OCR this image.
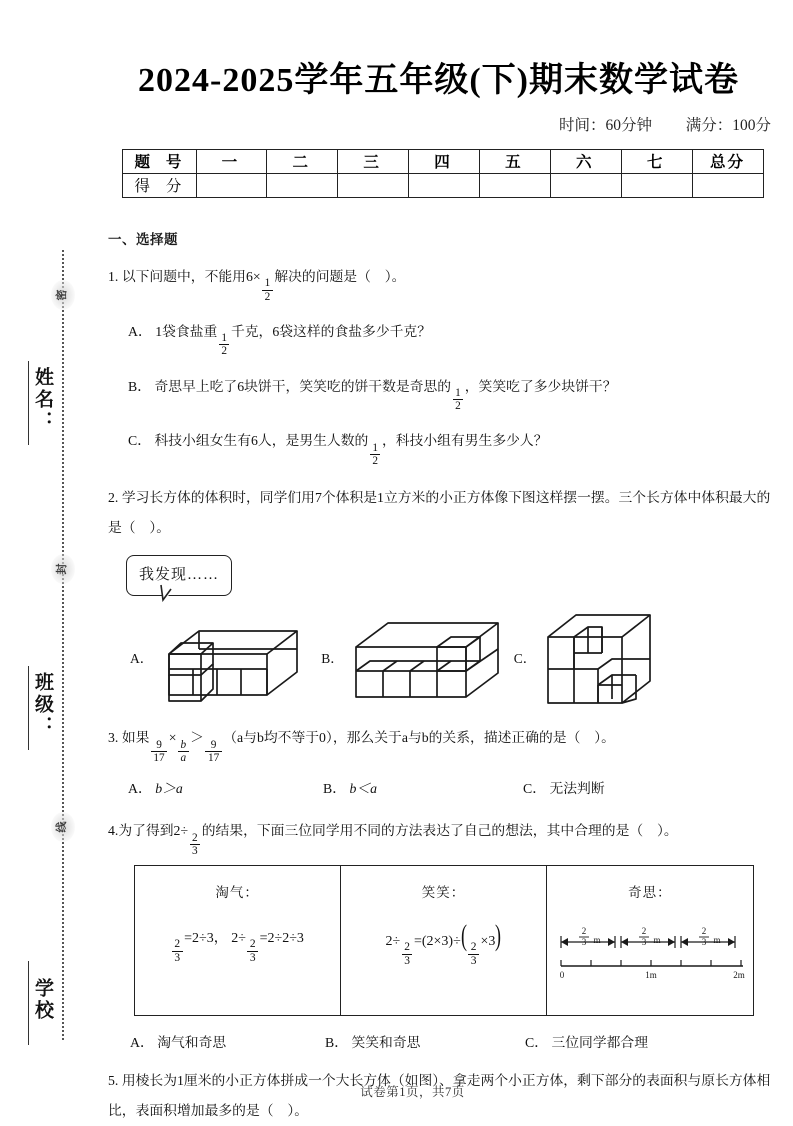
密
封
线
姓名：
班级：
学校
2024-2025学年五年级(下)期末数学试卷
时间：60分钟 满分：100分
题 号	一	二	三	四	五	六	七	总分
得 分								
一、选择题
1. 以下问题中，不能用6×
$\frac{1}{2}$
解决的问题是（　）。
A． 1袋食盐重
$\frac{1}{2}$
千克，6袋这样的食盐多少千克？
B． 奇思早上吃了6块饼干，笑笑吃的饼干数是奇思的
$\frac{1}{2}$
，笑笑吃了多少块饼干？
C． 科技小组女生有6人，是男生人数的
$\frac{1}{2}$
，科技小组有男生多少人？
2. 学习长方体的体积时，同学们用7个体积是1立方米的小正方体像下图这样摆一摆。三个长方体中体积最大的是（　）。
我发现……
A．	B．	C．
3. 如果
$\frac{9}{17}$
×
$\frac{b}{a}$
＞
$\frac{9}{17}$
（a与b均不等于0），那么关于a与b的关系，描述正确的是（　）。
A． b＞a	B． b＜a	C． 无法判断
4.为了得到2÷
$\frac{2}{3}$
的结果，下面三位同学用不同的方法表达了自己的想法，其中合理的是（　）。
淘气：
$\frac{2}{3} =2\div 3$， $2\div \frac{2}{3} =2\div 2\div 3$	
笑笑：
$2\div \frac{2}{3} =(2\times 3)\div$(
$\frac{2}{3} \times 3$)	
奇思：
2
3 m
2
3 m
2
3 m
0	1m	2m
A． 淘气和奇思	B． 笑笑和奇思	C． 三位同学都合理
5. 用棱长为1厘米的小正方体拼成一个大长方体（如图）、拿走两个小正方体，剩下部分的表面积与原长方体相比，表面积增加最多的是（　）。
试卷第1页，共7页
